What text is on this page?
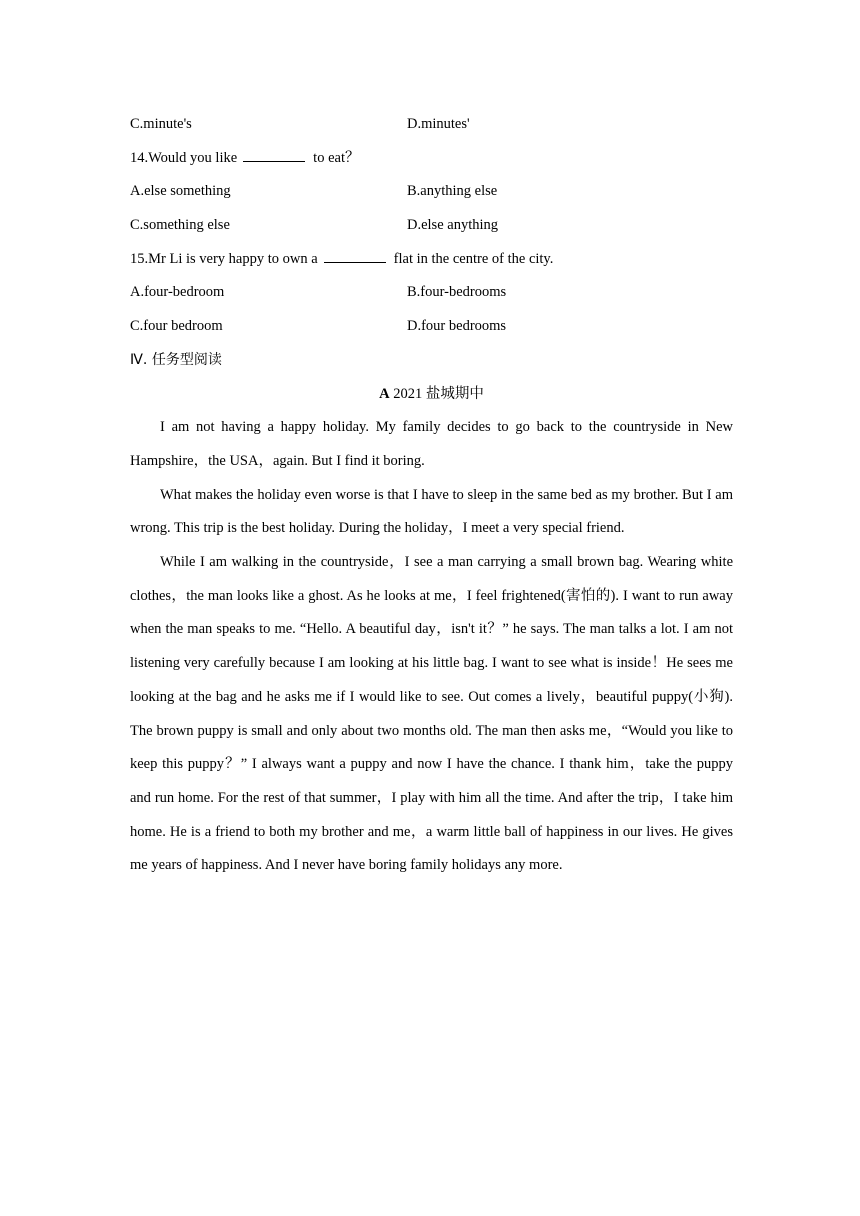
C.minute's	D.minutes'
14.Would you like	to eat？
A.else something	B.anything else
C.something else	D.else anything
15.Mr Li is very happy to own a	flat in the centre of the city.
A.four-bedroom	B.four-bedrooms
C.four bedroom	D.four bedrooms
Ⅳ. 任务型阅读
A 2021 盐城期中

I am not having a happy holiday. My family decides to go back to the countryside in New Hampshire，the USA，again. But I find it boring.

What makes the holiday even worse is that I have to sleep in the same bed as my brother. But I am wrong. This trip is the best holiday. During the holiday，I meet a very special friend.

While I am walking in the countryside，I see a man carrying a small brown bag. Wearing white clothes，the man looks like a ghost. As he looks at me，I feel frightened(害怕的). I want to run away when the man speaks to me. “Hello. A beautiful day，isn't it？” he says. The man talks a lot. I am not listening very carefully because I am looking at his little bag. I want to see what is inside！He sees me looking at the bag and he asks me if I would like to see. Out comes a lively，beautiful puppy(小狗). The brown puppy is small and only about two months old. The man then asks me，“Would you like to keep this puppy？” I always want a puppy and now I have the chance. I thank him，take the puppy and run home. For the rest of that summer，I play with him all the time. And after the trip，I take him home. He is a friend to both my brother and me，a warm little ball of happiness in our lives. He gives me years of happiness. And I never have boring family holidays any more.
